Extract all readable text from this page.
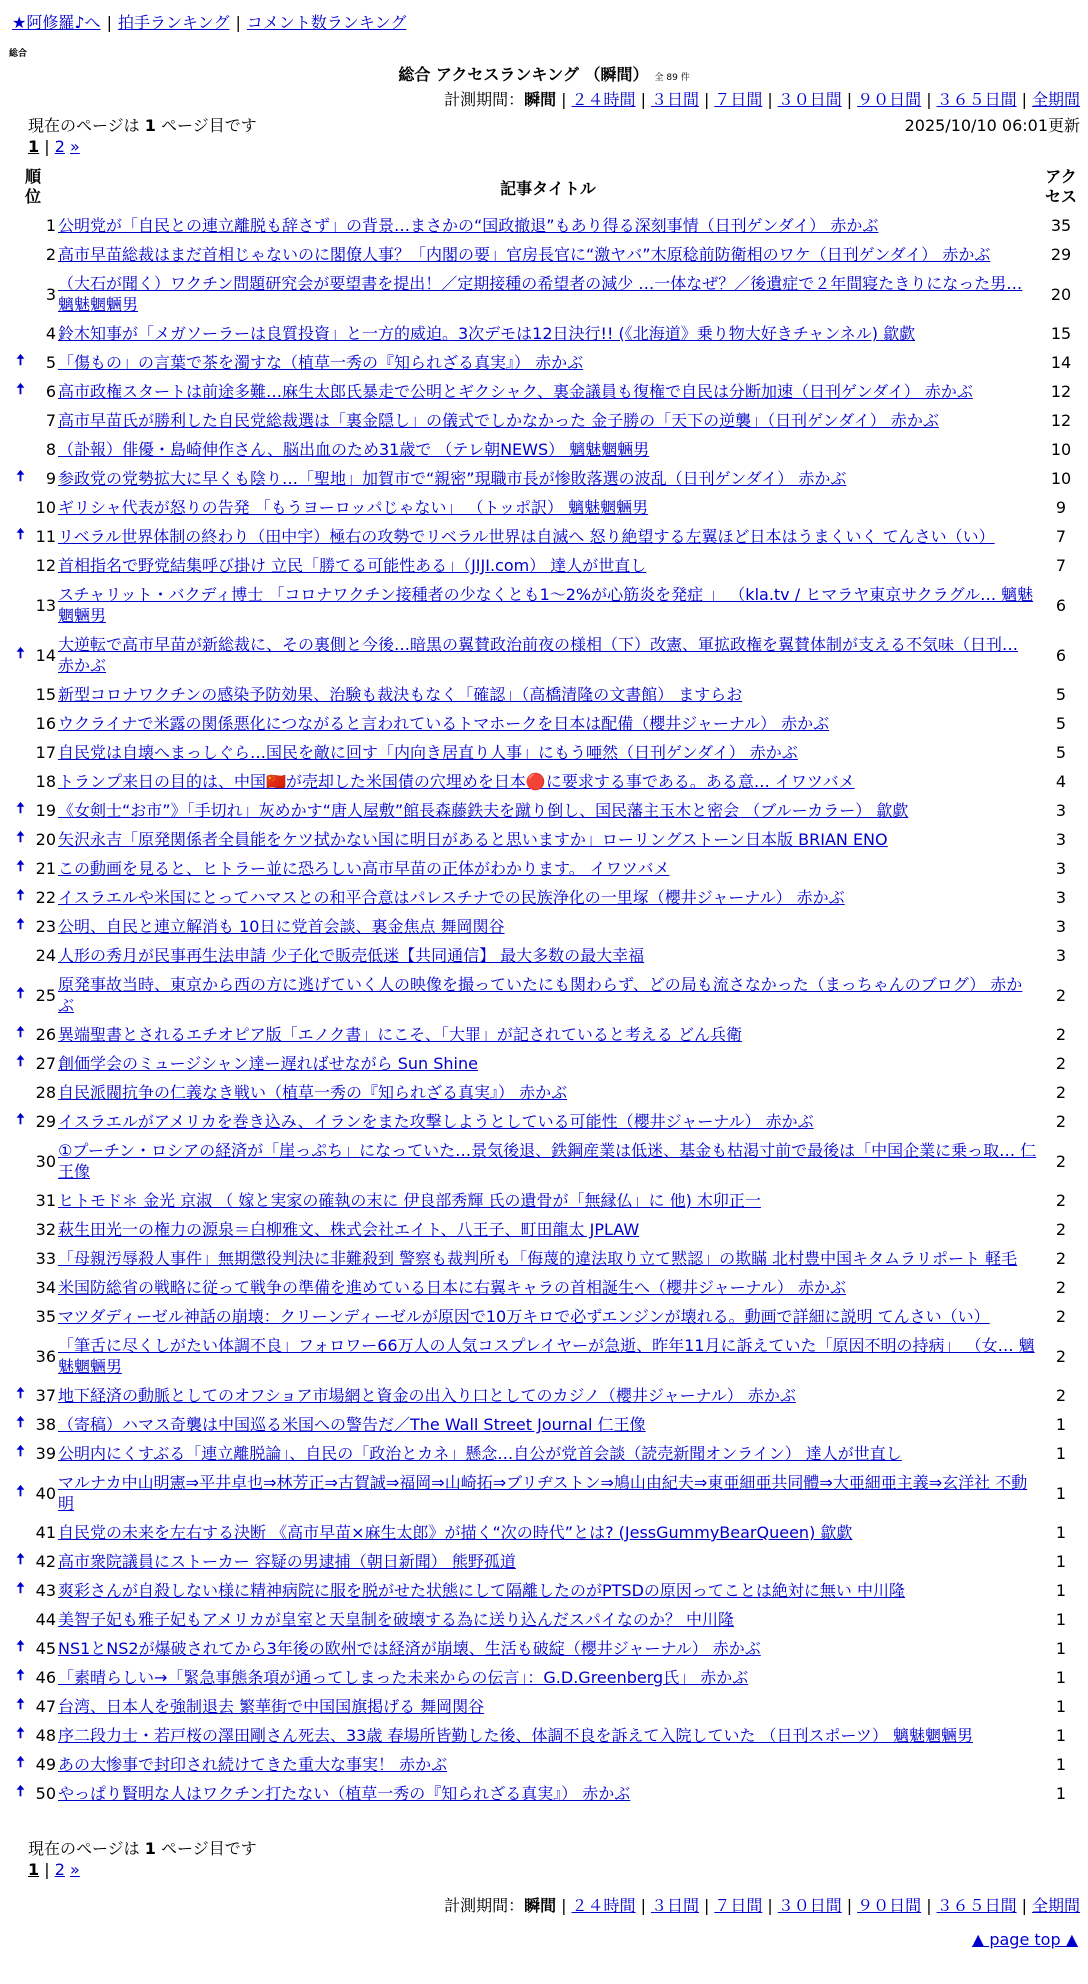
★阿修羅♪へ | 拍手ランキング | コメント数ランキング
総合
総合 アクセスランキング （瞬間） 全 89 件
計測期間：瞬間 | ２４時間 | ３日間 | ７日間 | ３０日間 | ９０日間 | ３６５日間 | 全期間
現在のページは 1 ページ目です	2025/10/10 06:01更新
1 | 2 »
順位		記事タイトル	アクセス
	1	公明党が「自民との連立離脱も辞さず」の背景…まさかの“国政撤退”もあり得る深刻事情（日刊ゲンダイ） 赤かぶ	35
	2	高市早苗総裁はまだ首相じゃないのに閣僚人事？「内閣の要」官房長官に“激ヤバ”木原稔前防衛相のワケ（日刊ゲンダイ） 赤かぶ	29
	3	（大石が聞く）ワクチン問題研究会が要望書を提出！／定期接種の希望者の減少 …一体なぜ？／後遺症で２年間寝たきりになった男… 魑魅魍魎男	20
	4	鈴木知事が「メガソーラーは良質投資」と一方的威迫。3次デモは12日決行!! (《北海道》乗り物大好きチャンネル) 歙歔	15
🠅	5	「傷もの」の言葉で茶を濁すな（植草一秀の『知られざる真実』） 赤かぶ	14
🠅	6	高市政権スタートは前途多難…麻生太郎氏暴走で公明とギクシャク、裏金議員も復権で自民は分断加速（日刊ゲンダイ） 赤かぶ	12
	7	高市早苗氏が勝利した自民党総裁選は「裏金隠し」の儀式でしかなかった 金子勝の「天下の逆襲」（日刊ゲンダイ） 赤かぶ	12
	8	（訃報）俳優・島崎伸作さん、脳出血のため31歳で （テレ朝NEWS） 魑魅魍魎男	10
🠅	9	参政党の党勢拡大に早くも陰り…「聖地」加賀市で“親密”現職市長が惨敗落選の波乱（日刊ゲンダイ） 赤かぶ	10
	10	ギリシャ代表が怒りの告発 「もうヨーロッパじゃない」 （トッポ訳） 魑魅魍魎男	9
🠅	11	リベラル世界体制の終わり（田中宇）極右の攻勢でリベラル世界は自滅へ 怒り絶望する左翼ほど日本はうまくいく てんさい（い）	7
	12	首相指名で野党結集呼び掛け 立民「勝てる可能性ある」（JIJI.com） 達人が世直し	7
	13	スチャリット・バクディ博士 「コロナワクチン接種者の少なくとも1～2%が心筋炎を発症 」 （kla.tv / ヒマラヤ東京サクラグル… 魑魅魍魎男	6
🠅	14	大逆転で高市早苗が新総裁に、その裏側と今後…暗黒の翼賛政治前夜の様相（下）改憲、軍拡政権を翼賛体制が支える不気味（日刊… 赤かぶ	6
	15	新型コロナワクチンの感染予防効果、治験も裁決もなく「確認」（高橋清隆の文書館） ますらお	5
	16	ウクライナで米露の関係悪化につながると言われているトマホークを日本は配備（櫻井ジャーナル） 赤かぶ	5
	17	自民党は自壊へまっしぐら…国民を敵に回す「内向き居直り人事」にもう唖然（日刊ゲンダイ） 赤かぶ	5
	18	トランプ来日の目的は、中国🇨🇳が売却した米国債の穴埋めを日本🔴に要求する事である。ある意… イワツバメ	4
🠅	19	《女剣士“お市”》「手切れ」灰めかす“唐人屋敷”館長森藤鉄夫を蹴り倒し、国民藩主玉木と密会 （ブルーカラー） 歙歔	3
🠅	20	矢沢永吉「原発関係者全員能をケツ拭かない国に明日があると思いますか」ローリングストーン日本版 BRIAN ENO	3
🠅	21	この動画を見ると、ヒトラー並に恐ろしい高市早苗の正体がわかります。 イワツバメ	3
🠅	22	イスラエルや米国にとってハマスとの和平合意はパレスチナでの民族浄化の一里塚（櫻井ジャーナル） 赤かぶ	3
🠅	23	公明、自民と連立解消も 10日に党首会談、裏金焦点 舞岡関谷	3
	24	人形の秀月が民事再生法申請 少子化で販売低迷【共同通信】 最大多数の最大幸福	3
🠅	25	原発事故当時、東京から西の方に逃げていく人の映像を撮っていたにも関わらず、どの局も流さなかった（まっちゃんのブログ） 赤かぶ	2
🠅	26	異端聖書とされるエチオピア版「エノク書」にこそ、「大罪」が記されていると考える どん兵衛	2
🠅	27	創価学会のミュージシャン達ー遅ればせながら Sun Shine	2
	28	自民派閥抗争の仁義なき戦い（植草一秀の『知られざる真実』） 赤かぶ	2
🠅	29	イスラエルがアメリカを巻き込み、イランをまた攻撃しようとしている可能性（櫻井ジャーナル） 赤かぶ	2
	30	①プーチン・ロシアの経済が「崖っぷち」になっていた…景気後退、鉄鋼産業は低迷、基金も枯渇寸前で最後は「中国企業に乗っ取… 仁王像	2
	31	ヒトモド＊ 金光 京淑 （ 嫁と実家の確執の末に 伊良部秀輝 氏の遺骨が「無縁仏」に 他) 木卯正一	2
	32	萩生田光一の権力の源泉＝白柳雅文、株式会社エイト、八王子、町田龍太 JPLAW	2
	33	「母親汚辱殺人事件」無期懲役判決に非難殺到 警察も裁判所も「侮蔑的違法取り立て黙認」の欺瞞 北村豊中国キタムラリポート 軽毛	2
	34	米国防総省の戦略に従って戦争の準備を進めている日本に右翼キャラの首相誕生へ（櫻井ジャーナル） 赤かぶ	2
	35	マツダディーゼル神話の崩壊：クリーンディーゼルが原因で10万キロで必ずエンジンが壊れる。動画で詳細に説明 てんさい（い）	2
	36	「筆舌に尽くしがたい体調不良」フォロワー66万人の人気コスプレイヤーが急逝、昨年11月に訴えていた「原因不明の持病」 （女… 魑魅魍魎男	2
🠅	37	地下経済の動脈としてのオフショア市場網と資金の出入り口としてのカジノ（櫻井ジャーナル） 赤かぶ	2
🠅	38	（寄稿）ハマス奇襲は中国巡る米国への警告だ／The Wall Street Journal 仁王像	1
🠅	39	公明内にくすぶる「連立離脱論」、自民の「政治とカネ」懸念…自公が党首会談（読売新聞オンライン） 達人が世直し	1
🠅	40	マルナカ中山明憲⇒平井卓也⇒林芳正⇒古賀誠⇒福岡⇒山崎拓⇒ブリヂストン⇒鳩山由紀夫⇒東亜細亜共同體⇒大亜細亜主義⇒玄洋社 不動明	1
	41	自民党の未来を左右する決断 《高市早苗×麻生太郎》が描く“次の時代”とは? (JessGummyBearQueen) 歙歔	1
🠅	42	高市衆院議員にストーカー 容疑の男逮捕（朝日新聞） 熊野孤道	1
🠅	43	爽彩さんが自殺しない様に精神病院に服を脱がせた状態にして隔離したのがPTSDの原因ってことは絶対に無い 中川隆	1
	44	美智子妃も雅子妃もアメリカが皇室と天皇制を破壊する為に送り込んだスパイなのか？ 中川隆	1
🠅	45	NS1とNS2が爆破されてから3年後の欧州では経済が崩壊、生活も破綻（櫻井ジャーナル） 赤かぶ	1
🠅	46	「素晴らしい→「緊急事態条項が通ってしまった未来からの伝言」：G.D.Greenberg氏」 赤かぶ	1
🠅	47	台湾、日本人を強制退去 繁華街で中国国旗掲げる 舞岡関谷	1
🠅	48	序二段力士・若戸桜の澤田剛さん死去、33歳 春場所皆勤した後、体調不良を訴えて入院していた （日刊スポーツ） 魑魅魍魎男	1
🠅	49	あの大惨事で封印され続けてきた重大な事実！ 赤かぶ	1
🠅	50	やっぱり賢明な人はワクチン打たない（植草一秀の『知られざる真実』） 赤かぶ	1
現在のページは 1 ページ目です
1 | 2 »
計測期間：瞬間 | ２４時間 | ３日間 | ７日間 | ３０日間 | ９０日間 | ３６５日間 | 全期間
▲ page top ▲
